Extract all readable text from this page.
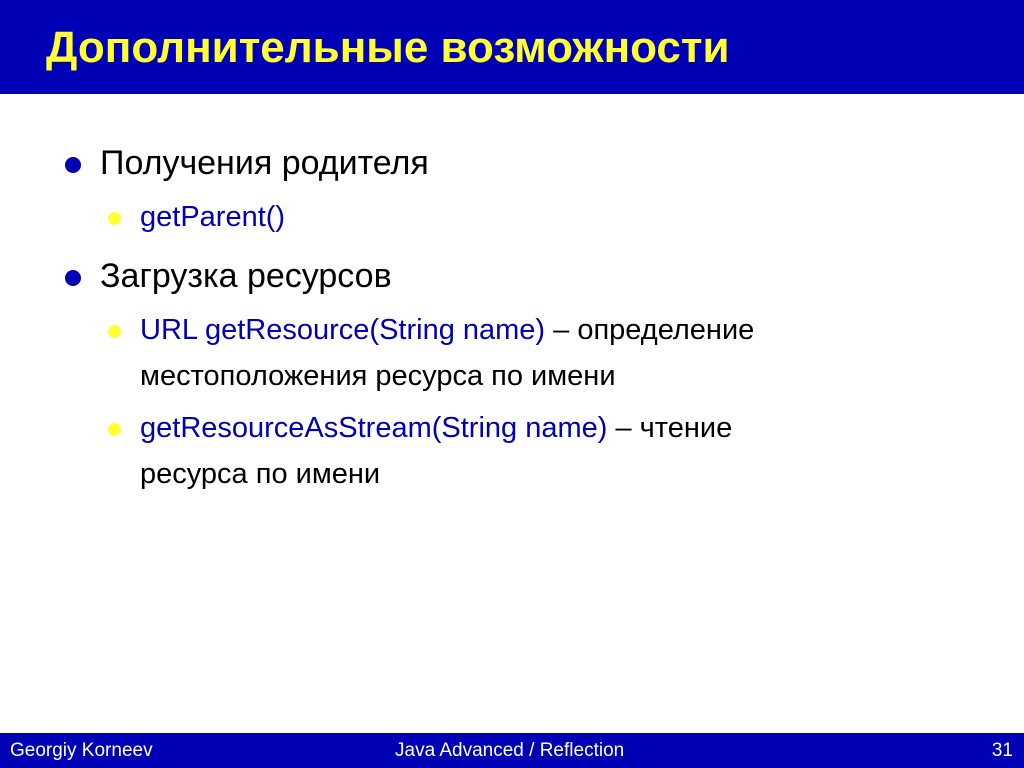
Дополнительные возможности
Получения родителя
getParent()
Загрузка ресурсов
URL getResource(String name) – определение
местоположения ресурса по имени
getResourceAsStream(String name) – чтение
ресурса по имени
Georgiy Korneev	Java Advanced / Reflection	31
